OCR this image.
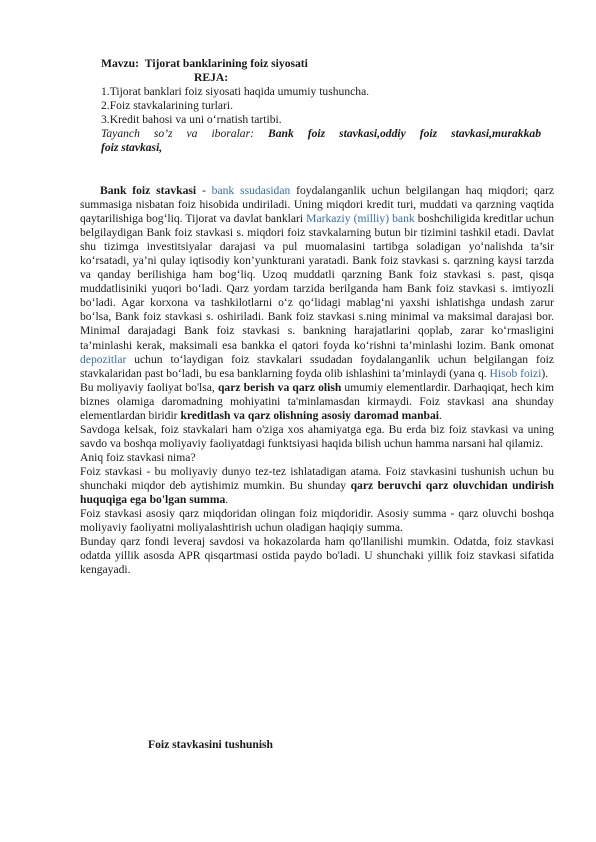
Mavzu: Tijorat banklarining foiz siyosati
REJA:
1.Tijorat banklari foiz siyosati haqida umumiy tushuncha.
2.Foiz stavkalarining turlari.
3.Kredit bahosi va uni o‘rnatish tartibi.
Tayanch so’z va iboralar: Bank foiz stavkasi,oddiy foiz stavkasi,murakkab
foiz stavkasi,

Bank foiz stavkasi - bank ssudasidan foydalanganlik uchun belgilangan haq miqdori; qarz summasiga nisbatan foiz hisobida undiriladi. Uning miqdori kredit turi, muddati va qarzning vaqtida qaytarilishiga bog‘liq. Tijorat va davlat banklari Markaziy (milliy) bank boshchiligida kreditlar uchun belgilaydigan Bank foiz stavkasi s. miqdori foiz stavkalarning butun bir tizimini tashkil etadi. Davlat shu tizimga investitsiyalar darajasi va pul muomalasini tartibga soladigan yo‘nalishda ta’sir ko‘rsatadi, ya’ni qulay iqtisodiy kon’yunkturani yaratadi. Bank foiz stavkasi s. qarzning kaysi tarzda va qanday berilishiga ham bog‘liq. Uzoq muddatli qarzning Bank foiz stavkasi s. past, qisqa muddatlisiniki yuqori bo‘ladi. Qarz yordam tarzida berilganda ham Bank foiz stavkasi s. imtiyozli bo‘ladi. Agar korxona va tashkilotlarni o‘z qo‘lidagi mablag‘ni yaxshi ishlatishga undash zarur bo‘lsa, Bank foiz stavkasi s. oshiriladi. Bank foiz stavkasi s.ning minimal va maksimal darajasi bor. Minimal darajadagi Bank foiz stavkasi s. bankning harajatlarini qoplab, zarar ko‘rmasligini ta’minlashi kerak, maksimali esa bankka el qatori foyda ko‘rishni ta’minlashi lozim. Bank omonat depozitlar uchun to‘laydigan foiz stavkalari ssudadan foydalanganlik uchun belgilangan foiz stavkalaridan past bo‘ladi, bu esa banklarning foyda olib ishlashini ta’minlaydi (yana q. Hisob foizi).

Bu moliyaviy faoliyat bo'lsa, qarz berish va qarz olish umumiy elementlardir. Darhaqiqat, hech kim biznes olamiga daromadning mohiyatini ta'minlamasdan kirmaydi. Foiz stavkasi ana shunday elementlardan biridir kreditlash va qarz olishning asosiy daromad manbai.

Savdoga kelsak, foiz stavkalari ham o'ziga xos ahamiyatga ega. Bu erda biz foiz stavkasi va uning savdo va boshqa moliyaviy faoliyatdagi funktsiyasi haqida bilish uchun hamma narsani hal qilamiz.

Aniq foiz stavkasi nima?

Foiz stavkasi - bu moliyaviy dunyo tez-tez ishlatadigan atama. Foiz stavkasini tushunish uchun bu shunchaki miqdor deb aytishimiz mumkin. Bu shunday qarz beruvchi qarz oluvchidan undirish huquqiga ega bo'lgan summa.

Foiz stavkasi asosiy qarz miqdoridan olingan foiz miqdoridir. Asosiy summa - qarz oluvchi boshqa moliyaviy faoliyatni moliyalashtirish uchun oladigan haqiqiy summa.

Bunday qarz fondi leveraj savdosi va hokazolarda ham qo'llanilishi mumkin. Odatda, foiz stavkasi odatda yillik asosda APR qisqartmasi ostida paydo bo'ladi. U shunchaki yillik foiz stavkasi sifatida kengayadi.

Foiz stavkasini tushunish
